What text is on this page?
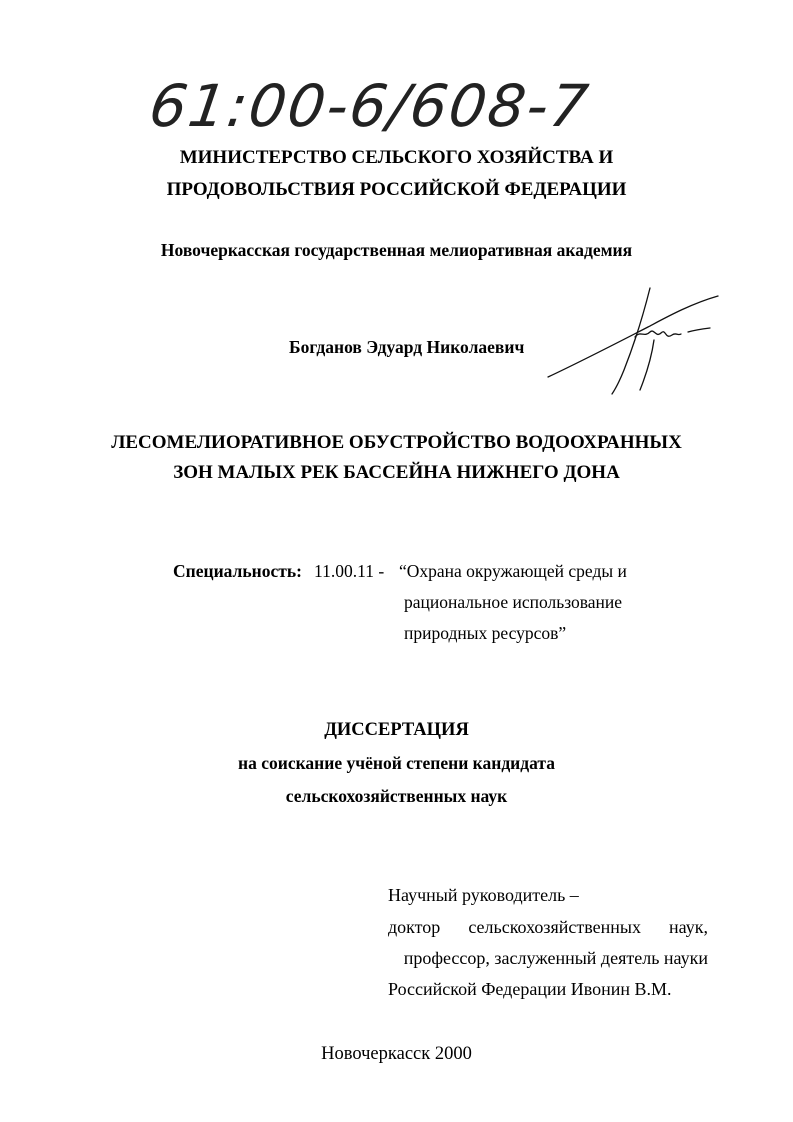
61:00-6/608-7
МИНИСТЕРСТВО СЕЛЬСКОГО ХОЗЯЙСТВА И
ПРОДОВОЛЬСТВИЯ РОССИЙСКОЙ ФЕДЕРАЦИИ
Новочеркасская государственная мелиоративная академия
Богданов Эдуард Николаевич
ЛЕСОМЕЛИОРАТИВНОЕ ОБУСТРОЙСТВО ВОДООХРАННЫХ
ЗОН МАЛЫХ РЕК БАССЕЙНА НИЖНЕГО ДОНА
Специальность: 11.00.11 - “Охрана окружающей среды и
рациональное использование
природных ресурсов”
ДИССЕРТАЦИЯ
на соискание учёной степени кандидата
сельскохозяйственных наук
Научный руководитель –
доктор сельскохозяйственных наук,
профессор, заслуженный деятель науки
Российской Федерации Ивонин В.М.
Новочеркасск 2000
